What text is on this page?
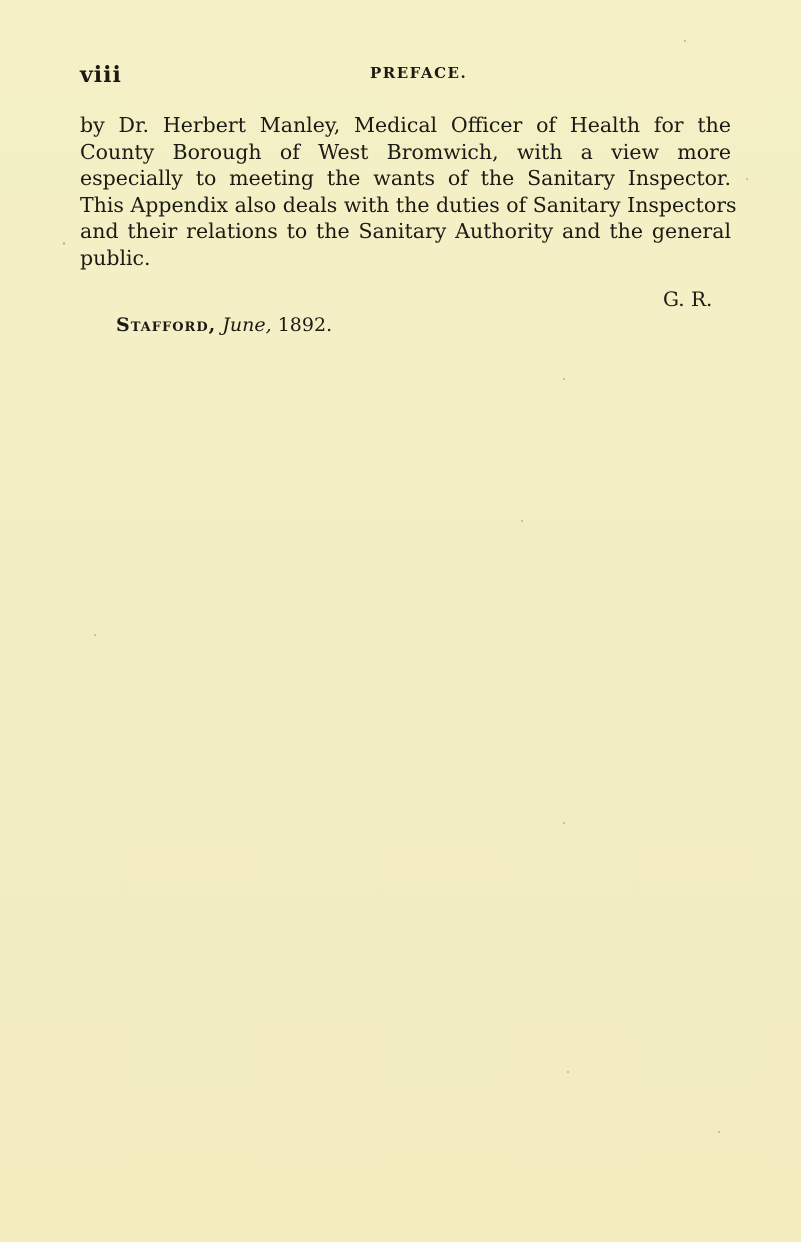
viii	PREFACE.
by Dr. Herbert Manley, Medical Officer of Health for the
County Borough of West Bromwich, with a view more
especially to meeting the wants of the Sanitary Inspector.
This Appendix also deals with the duties of Sanitary Inspectors
and their relations to the Sanitary Authority and the general
public.
G. R.
Stafford, June, 1892.
